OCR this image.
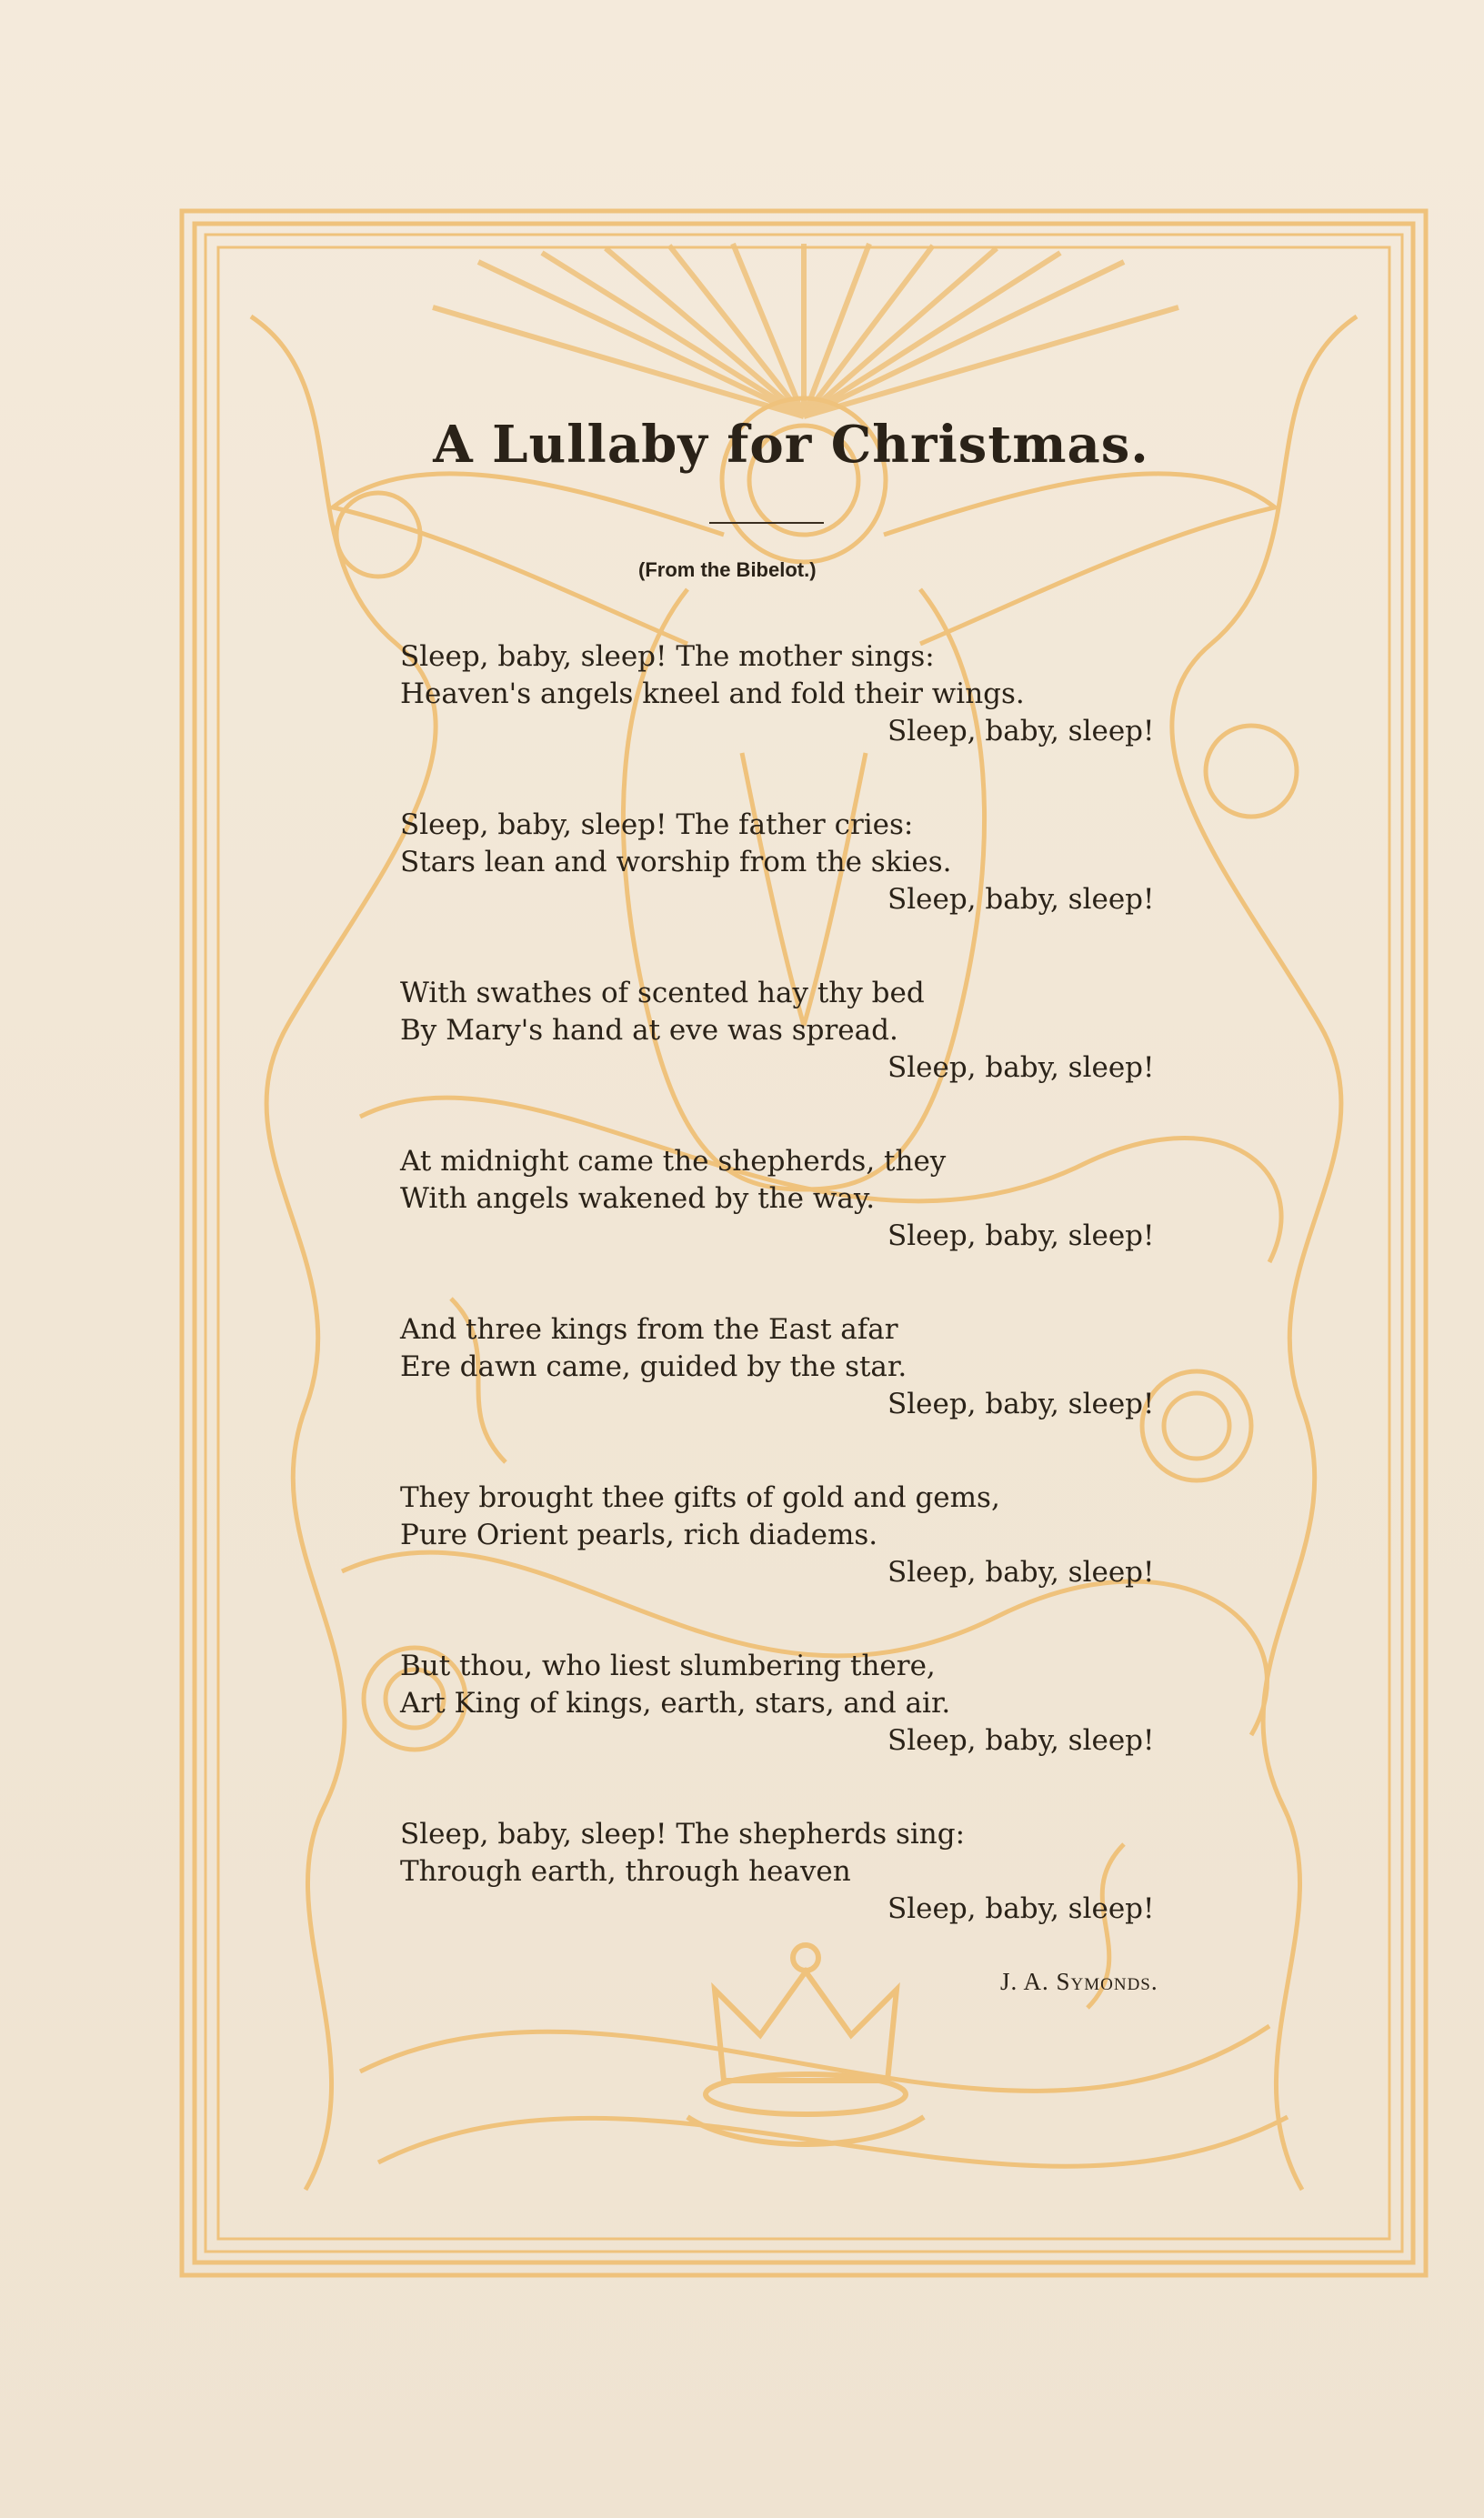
A Lullaby for Christmas.
(From the Bibelot.)
Sleep, baby, sleep! The mother sings:
Heaven's angels kneel and fold their wings.
Sleep, baby, sleep!
Sleep, baby, sleep! The father cries:
Stars lean and worship from the skies.
Sleep, baby, sleep!
With swathes of scented hay thy bed
By Mary's hand at eve was spread.
Sleep, baby, sleep!
At midnight came the shepherds, they
With angels wakened by the way.
Sleep, baby, sleep!
And three kings from the East afar
Ere dawn came, guided by the star.
Sleep, baby, sleep!
They brought thee gifts of gold and gems,
Pure Orient pearls, rich diadems.
Sleep, baby, sleep!
But thou, who liest slumbering there,
Art King of kings, earth, stars, and air.
Sleep, baby, sleep!
Sleep, baby, sleep! The shepherds sing:
Through earth, through heaven
Sleep, baby, sleep!
J. A. Symonds.
